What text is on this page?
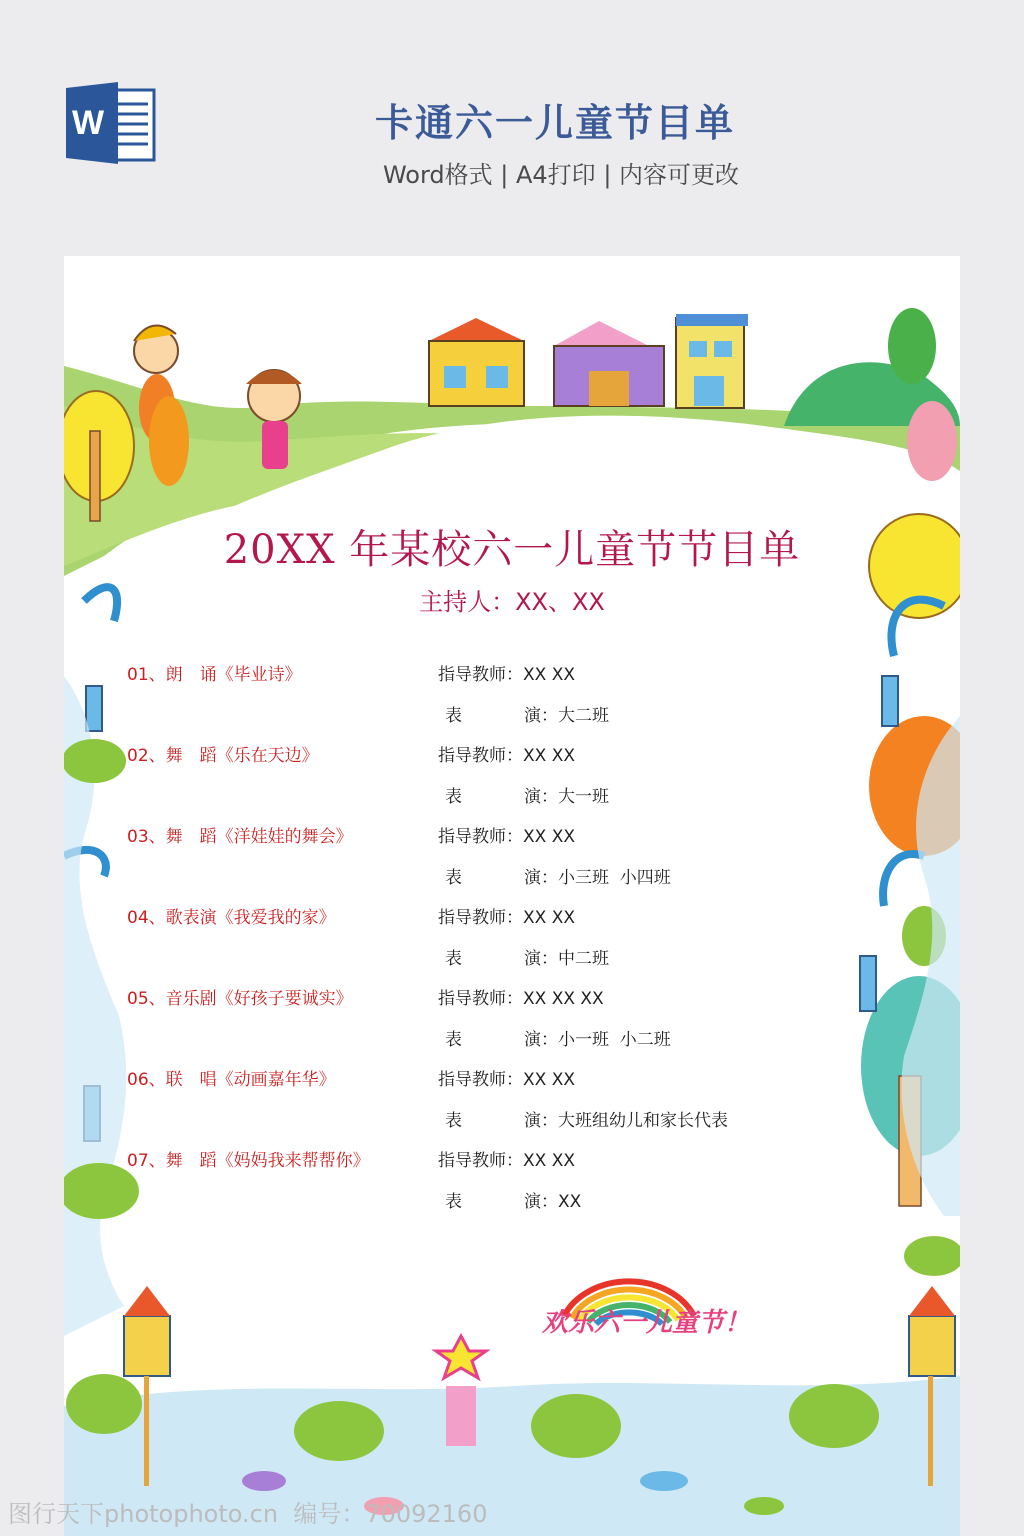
W	卡通六一儿童节目单
Word格式 | A4打印 | 内容可更改
20XX 年某校六一儿童节节目单
主持人：XX、XX
01、朗　诵《毕业诗》	指导教师：XX XX
表	演：大二班
02、舞　蹈《乐在天边》	指导教师：XX XX
表	演：大一班
03、舞　蹈《洋娃娃的舞会》	指导教师：XX XX
表	演：小三班  小四班
04、歌表演《我爱我的家》	指导教师：XX XX
表	演：中二班
05、音乐剧《好孩子要诚实》	指导教师：XX XX XX
表	演：小一班  小二班
06、联　唱《动画嘉年华》	指导教师：XX XX
表	演：大班组幼儿和家长代表
07、舞　蹈《妈妈我来帮帮你》	指导教师：XX XX
表	演：XX
欢乐六一儿童节！
图行天下photophoto.cn  编号：70092160
